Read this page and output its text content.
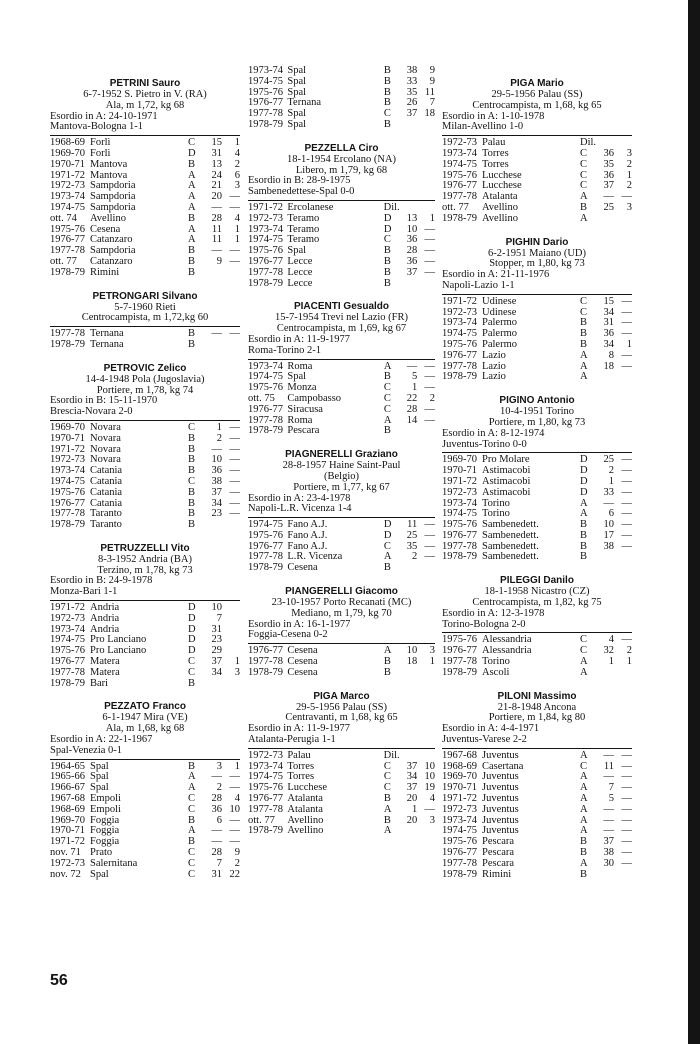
PETRINI Sauro
6-7-1952 S. Pietro in V. (RA)
Ala, m 1,72, kg 68
Esordio in A: 24-10-1971
Mantova-Bologna 1-1
1968-69 Forlì	C	15	1
1969-70 Forlì	D	31	4
1970-71 Mantova	B	13	2
1971-72 Mantova	A	24	6
1972-73 Sampdoria	A	21	3
1973-74 Sampdoria	A	20 —
1974-75 Sampdoria	A	— —
ott. 74	Avellino	B	28	4
1975-76 Cesena	A	11	1
1976-77 Catanzaro	A	11	1
1977-78 Sampdoria	B	— —
ott. 77	Catanzaro	B	9 —
1978-79 Rimini	B
PETRONGARI Silvano
5-7-1960 Rieti
Centrocampista, m 1,72,kg 60
1977-78 Ternana	B	— —
1978-79 Ternana	B
PETROVIC Zelico
14-4-1948 Pola (Jugoslavia)
Portiere, m 1,78, kg 74
Esordio in B: 15-11-1970
Brescia-Novara 2-0
1969-70 Novara	C	1 —
1970-71 Novara	B	2 —
1971-72 Novara	B	— —
1972-73 Novara	B	10 —
1973-74 Catania	B	36 —
1974-75 Catania	C	38 —
1975-76 Catania	B	37 —
1976-77 Catania	B	34 —
1977-78 Taranto	B	23 —
1978-79 Taranto	B
PETRUZZELLI Vito
8-3-1952 Andria (BA)
Terzino, m 1,78, kg 73
Esordio in B: 24-9-1978
Monza-Bari 1-1
1971-72 Andria	D	10
1972-73 Andria	D	7
1973-74 Andria	D	31
1974-75 Pro Lanciano	D	23
1975-76 Pro Lanciano	D	29
1976-77 Matera	C	37	1
1977-78 Matera	C	34	3
1978-79 Bari	B
PEZZATO Franco
6-1-1947 Mira (VE)
Ala, m 1,68, kg 68
Esordio in A: 22-1-1967
Spal-Venezia 0-1
1964-65 Spal	B	3	1
1965-66 Spal	A	— —
1966-67 Spal	A	2 —
1967-68 Empoli	C	28	4
1968-69 Empoli	C	36 10
1969-70 Foggia	B	6 —
1970-71 Foggia	A	— —
1971-72 Foggia	B	— —
nov. 71 Prato	C	28	9
1972-73 Salernitana	C	7	2
nov. 72 Spal	C	31 22
1973-74 Spal	B	38	9
1974-75 Spal	B	33	9
1975-76 Spal	B	35 11
1976-77 Ternana	B	26	7
1977-78 Spal	C	37 18
1978-79 Spal	B
PEZZELLA Ciro
18-1-1954 Ercolano (NA)
Libero, m 1,79, kg 68
Esordio in B: 28-9-1975
Sambenedettese-Spal 0-0
1971-72 Ercolanese	Dil.
1972-73 Teramo	D	13	1
1973-74 Teramo	D	10 —
1974-75 Teramo	C	36 —
1975-76 Spal	B	28 —
1976-77 Lecce	B	36 —
1977-78 Lecce	B	37 —
1978-79 Lecce	B
PIACENTI Gesualdo
15-7-1954 Trevi nel Lazio (FR)
Centrocampista, m 1,69, kg 67
Esordio in A: 11-9-1977
Roma-Torino 2-1
1973-74 Roma	A	— —
1974-75 Spal	B	5 —
1975-76 Monza	C	1 —
ott. 75	Campobasso	C	22	2
1976-77 Siracusa	C	28 —
1977-78 Roma	A	14 —
1978-79 Pescara	B
PIAGNERELLI Graziano
28-8-1957 Haine Saint-Paul
(Belgio)
Portiere, m 1,77, kg 67
Esordio in A: 23-4-1978
Napoli-L.R. Vicenza 1-4
1974-75 Fano A.J.	D	11 —
1975-76 Fano A.J.	D	25 —
1976-77 Fano A.J.	C	35 —
1977-78 L.R. Vicenza	A	2 —
1978-79 Cesena	B
PIANGERELLI Giacomo
23-10-1957 Porto Recanati (MC)
Mediano, m 1,79, kg 70
Esordio in A: 16-1-1977
Foggia-Cesena 0-2
1976-77 Cesena	A	10	3
1977-78 Cesena	B	18	1
1978-79 Cesena	B
PIGA Marco
29-5-1956 Palau (SS)
Centravanti, m 1,68, kg 65
Esordio in A: 11-9-1977
Atalanta-Perugia 1-1
1972-73 Palau	Dil.
1973-74 Torres	C	37 10
1974-75 Torres	C	34 10
1975-76 Lucchese	C	37 19
1976-77 Atalanta	B	20	4
1977-78 Atalanta	A	1 —
ott. 77	Avellino	B	20	3
1978-79 Avellino	A
PIGA Mario
29-5-1956 Palau (SS)
Centrocampista, m 1,68, kg 65
Esordio in A: 1-10-1978
Milan-Avellino 1-0
1972-73 Palau	Dil.
1973-74 Torres	C	36	3
1974-75 Torres	C	35	2
1975-76 Lucchese	C	36	1
1976-77 Lucchese	C	37	2
1977-78 Atalanta	A	— —
ott. 77	Avellino	B	25	3
1978-79 Avellino	A
PIGHIN Dario
6-2-1951 Maiano (UD)
Stopper, m 1,80, kg 73
Esordio in A: 21-11-1976
Napoli-Lazio 1-1
1971-72 Udinese	C	15 —
1972-73 Udinese	C	34 —
1973-74 Palermo	B	31 —
1974-75 Palermo	B	36 —
1975-76 Palermo	B	34	1
1976-77 Lazio	A	8 —
1977-78 Lazio	A	18 —
1978-79 Lazio	A
PIGINO Antonio
10-4-1951 Torino
Portiere, m 1,80, kg 73
Esordio in A: 8-12-1974
Juventus-Torino 0-0
1969-70 Pro Molare	D	25 —
1970-71 Astimacobi	D	2 —
1971-72 Astimacobi	D	1 —
1972-73 Astimacobi	D	33 —
1973-74 Torino	A	— —
1974-75 Torino	A	6 —
1975-76 Sambenedett.	B	10 —
1976-77 Sambenedett.	B	17 —
1977-78 Sambenedett.	B	38 —
1978-79 Sambenedett.	B
PILEGGI Danilo
18-1-1958 Nicastro (CZ)
Centrocampista, m 1,82, kg 75
Esordio in A: 12-3-1978
Torino-Bologna 2-0
1975-76 Alessandria	C	4 —
1976-77 Alessandria	C	32	2
1977-78 Torino	A	1	1
1978-79 Ascoli	A
PILONI Massimo
21-8-1948 Ancona
Portiere, m 1,84, kg 80
Esordio in A: 4-4-1971
Juventus-Varese 2-2
1967-68 Juventus	A	— —
1968-69 Casertana	C	11 —
1969-70 Juventus	A	— —
1970-71 Juventus	A	7 —
1971-72 Juventus	A	5 —
1972-73 Juventus	A	— —
1973-74 Juventus	A	— —
1974-75 Juventus	A	— —
1975-76 Pescara	B	37 —
1976-77 Pescara	B	38 —
1977-78 Pescara	A	30 —
1978-79 Rimini	B
56
